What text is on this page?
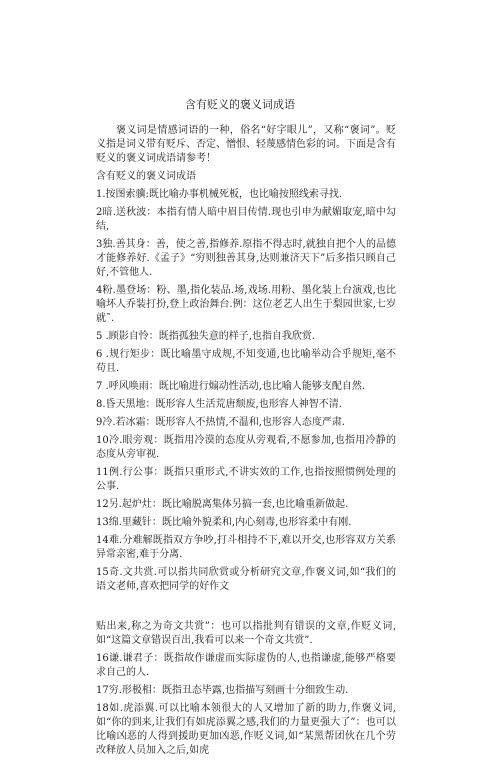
含有贬义的褒义词成语

褒义词是情感词语的一种，俗名“好字眼儿”，又称“褒词”。贬义指是词义带有贬斥、否定、憎恨、轻蔑感情色彩的词。下面是含有贬义的褒义词成语请参考！

含有贬义的褒义词成语

1.按图索骥:既比喻办事机械死板，也比喻按照线索寻找.

2暗.送秋波：本指有情人暗中眉目传情.现也引申为献媚取宠,暗中勾结,

3独.善其身：善，使之善,指修养.原指不得志时,就独自把个人的品德才能修养好.《孟子》“穷则独善其身,达则兼济天下”后多指只顾自己好,不管他人.

4粉.墨登场：粉、墨,指化装品.场,戏场.用粉、墨化装上台演戏,也比喻坏人乔装打扮,登上政治舞台.例：这位老艺人出生于梨园世家,七岁就˜.

5 .顾影自怜：既指孤独失意的样子,也指自我欣赏.

6 .规行矩步：既比喻墨守成规,不知变通,也比喻举动合乎规矩,毫不苟且.

7 .呼风唤雨：既比喻进行煽动性活动,也比喻人能够支配自然.

8.昏天黑地：既形容人生活荒唐颓废,也形容人神智不清.

9冷.若冰霜：既形容人不热情,不温和,也形容人态度严肃.

10冷.眼旁观：既指用冷漠的态度从旁观看,不愿参加,也指用冷静的态度从旁审视.

11例.行公事：既指只重形式,不讲实效的工作,也指按照惯例处理的公事.

12另.起炉灶：既比喻脱离集体另搞一套,也比喻重新做起.

13绵.里藏针：既比喻外貌柔和,内心刻毒,也形容柔中有刚.

14难.分难解既指双方争吵,打斗相持不下,难以开交,也形容双方关系异常亲密,难于分离.

15奇.文共赏.可以指共同欣赏或分析研究文章,作褒义词,如“我们的语文老师,喜欢把同学的好作文

贴出来,称之为奇文共赏”：也可以指批判有错误的文章,作贬义词,如“这篇文章错误百出,我看可以来一个奇文共赏”.

16谦.谦君子：既指故作谦虚而实际虚伪的人,也指谦虚,能够严格要求自己的人.

17穷.形极相：既指丑态毕露,也指描写刻画十分细致生动.

18如.虎添翼.可以比喻本领很大的人又增加了新的助力,作褒义词,如“你的到来,让我们有如虎添翼之感,我们的力量更强大了”：也可以比喻凶恶的人得到援助更加凶恶,作贬义词,如“某黑帮团伙在几个劳改释放人员加入之后,如虎
